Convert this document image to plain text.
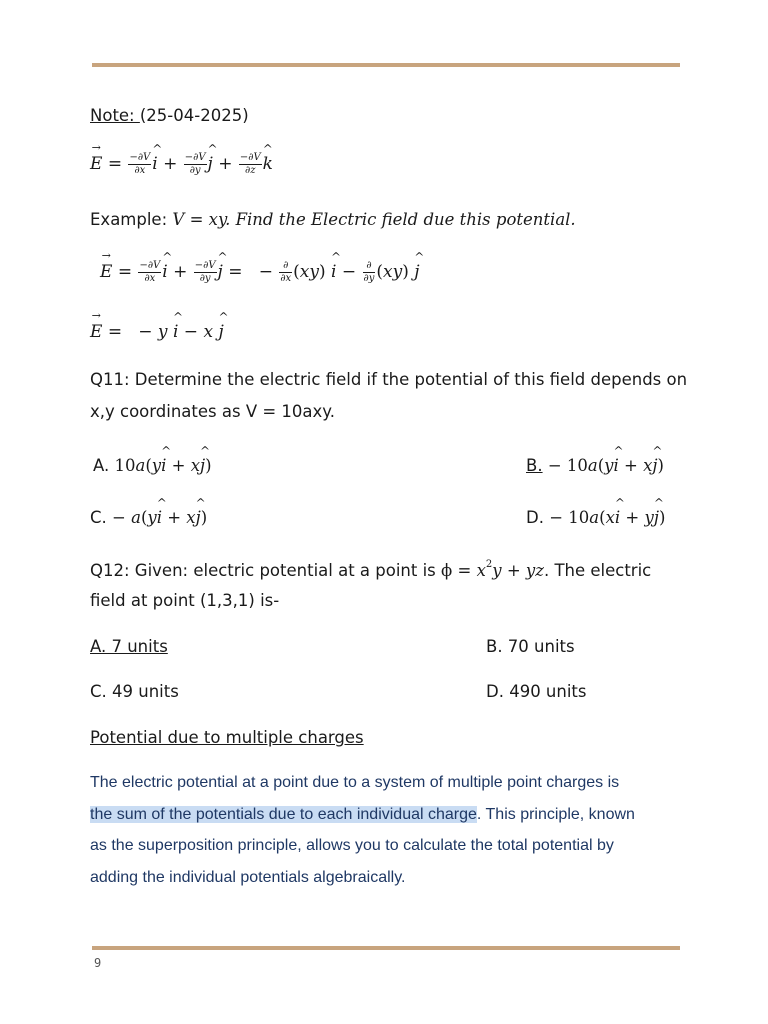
Note: (25-04-2025)
E
→
= $\frac{-\partial V}{\partial x}$ i
^
+ $\frac{-\partial V}{\partial y}$ j
^
+ $\frac{-\partial V}{\partial z}$ k
^
Example: V = xy. Find the Electric field due this potential.
E
→
= $\frac{-\partial V}{\partial x}$ i
^
+ $\frac{-\partial V}{\partial y}$ j
^
=   − $\frac{\partial}{\partial x} (xy)$ i
^
− $\frac{\partial}{\partial y} (xy)$ j
^
E
→
=   − y i
^
− x j
^
Q11: Determine the electric field if the potential of this field depends on
x,y coordinates as V = 10axy.
A. 10a(yi
^
+ xj
^
)	B. − 10a(yi
^
+ xj
^
)
C. − a(yi
^
+ xj
^
)	D. − 10a(xi
^
+ yj
^
)
Q12: Given: electric potential at a point is $\phi = x^2y$ + yz. The electric
field at point (1,3,1) is-
A. 7 units	B. 70 units
C. 49 units	D. 490 units
Potential due to multiple charges
The electric potential at a point due to a system of multiple point charges is
the sum of the potentials due to each individual charge. This principle, known
as the superposition principle, allows you to calculate the total potential by
adding the individual potentials algebraically.
9
